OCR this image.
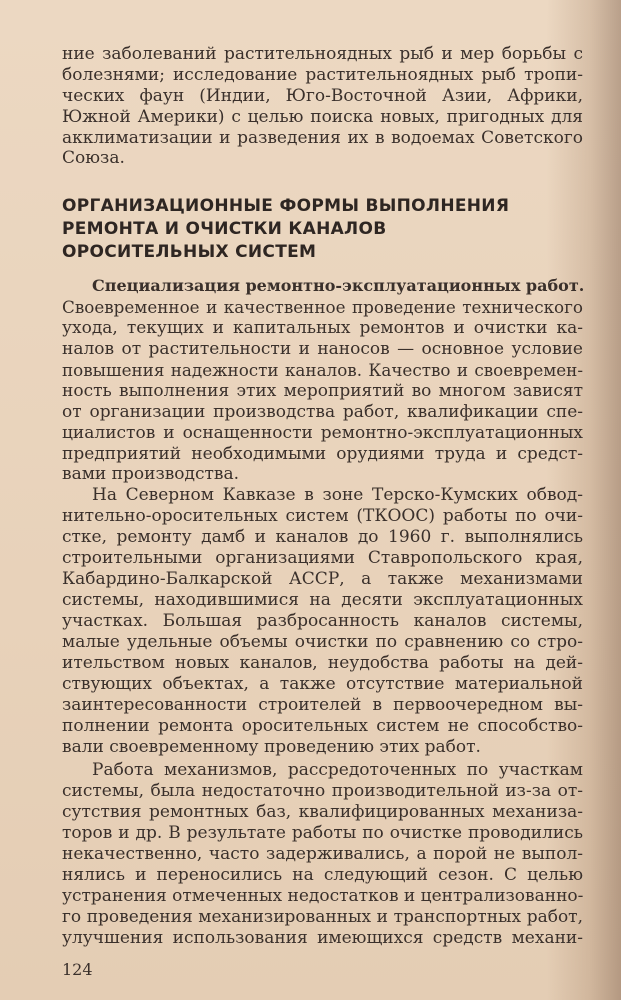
ние заболеваний растительноядных рыб и мер борьбы с
болезнями; исследование растительноядных рыб тропи-
ческих фаун (Индии, Юго-Восточной Азии, Африки,
Южной Америки) с целью поиска новых, пригодных для
акклиматизации и разведения их в водоемах Советского
Союза.
ОРГАНИЗАЦИОННЫЕ ФОРМЫ ВЫПОЛНЕНИЯ
РЕМОНТА И ОЧИСТКИ КАНАЛОВ
ОРОСИТЕЛЬНЫХ СИСТЕМ
Специализация ремонтно-эксплуатационных работ.
Своевременное и качественное проведение технического
ухода, текущих и капитальных ремонтов и очистки ка-
налов от растительности и наносов — основное условие
повышения надежности каналов. Качество и своевремен-
ность выполнения этих мероприятий во многом зависят
от организации производства работ, квалификации спе-
циалистов и оснащенности ремонтно-эксплуатационных
предприятий необходимыми орудиями труда и средст-
вами производства.
На Северном Кавказе в зоне Терско-Кумских обвод-
нительно-оросительных систем (ТКООС) работы по очи-
стке, ремонту дамб и каналов до 1960 г. выполнялись
строительными организациями Ставропольского края,
Кабардино-Балкарской АССР, а также механизмами
системы, находившимися на десяти эксплуатационных
участках. Большая разбросанность каналов системы,
малые удельные объемы очистки по сравнению со стро-
ительством новых каналов, неудобства работы на дей-
ствующих объектах, а также отсутствие материальной
заинтересованности строителей в первоочередном вы-
полнении ремонта оросительных систем не способство-
вали своевременному проведению этих работ.
Работа механизмов, рассредоточенных по участкам
системы, была недостаточно производительной из-за от-
сутствия ремонтных баз, квалифицированных механиза-
торов и др. В результате работы по очистке проводились
некачественно, часто задерживались, а порой не выпол-
нялись и переносились на следующий сезон. С целью
устранения отмеченных недостатков и централизованно-
го проведения механизированных и транспортных работ,
улучшения использования имеющихся средств механи-
124
